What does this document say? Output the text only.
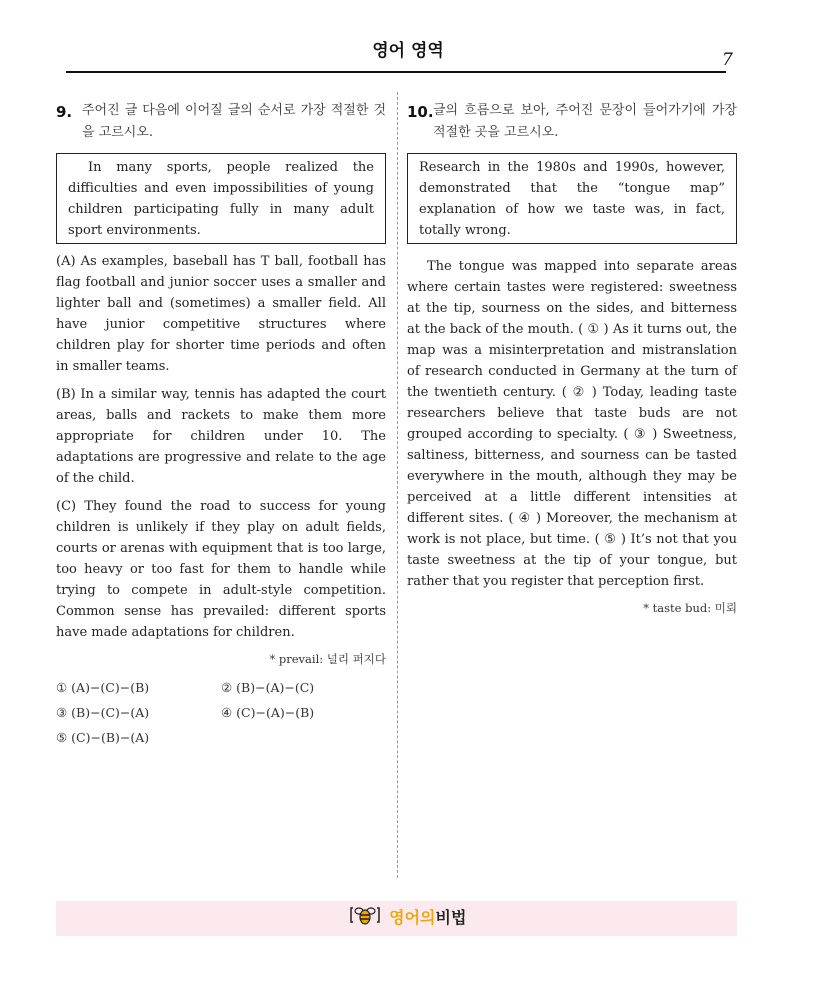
영어 영역	7
9. 주어진 글 다음에 이어질 글의 순서로 가장 적절한 것을 고르시오.
In many sports, people realized the difficulties and even impossibilities of young children participating fully in many adult sport environments.
(A) As examples, baseball has T ball, football has flag football and junior soccer uses a smaller and lighter ball and (sometimes) a smaller field. All have junior competitive structures where children play for shorter time periods and often in smaller teams.
(B) In a similar way, tennis has adapted the court areas, balls and rackets to make them more appropriate for children under 10. The adaptations are progressive and relate to the age of the child.
(C) They found the road to success for young children is unlikely if they play on adult fields, courts or arenas with equipment that is too large, too heavy or too fast for them to handle while trying to compete in adult-style competition. Common sense has prevailed: different sports have made adaptations for children.
* prevail: 널리 퍼지다
① (A)−(C)−(B)	② (B)−(A)−(C)
③ (B)−(C)−(A)	④ (C)−(A)−(B)
⑤ (C)−(B)−(A)
10. 글의 흐름으로 보아, 주어진 문장이 들어가기에 가장 적절한 곳을 고르시오.
Research in the 1980s and 1990s, however, demonstrated that the “tongue map” explanation of how we taste was, in fact, totally wrong.
The tongue was mapped into separate areas where certain tastes were registered: sweetness at the tip, sourness on the sides, and bitterness at the back of the mouth. ( ① ) As it turns out, the map was a misinterpretation and mistranslation of research conducted in Germany at the turn of the twentieth century. ( ② ) Today, leading taste researchers believe that taste buds are not grouped according to specialty. ( ③ ) Sweetness, saltiness, bitterness, and sourness can be tasted everywhere in the mouth, although they may be perceived at a little different intensities at different sites. ( ④ ) Moreover, the mechanism at work is not place, but time. ( ⑤ ) It’s not that you taste sweetness at the tip of your tongue, but rather that you register that perception first.
* taste bud: 미뢰
영어의비법
